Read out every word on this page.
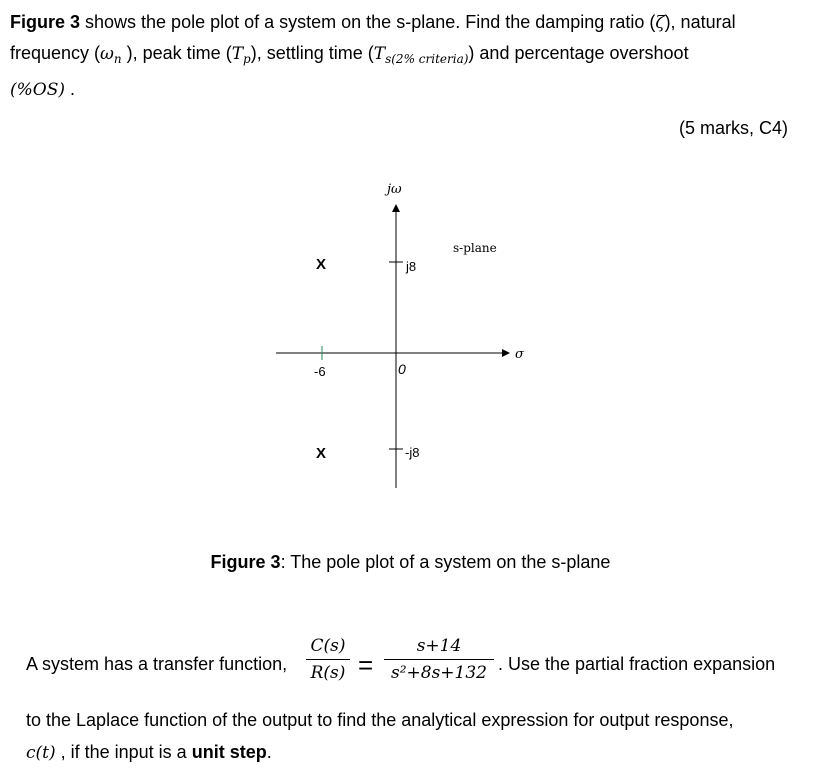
Figure 3 shows the pole plot of a system on the s-plane. Find the damping ratio (ζ), natural frequency ($\omega_n$ ), peak time $(T_p)$, settling time $(T_{s(2\% criteria)})$ and percentage overshoot
(%OS) .
(5 marks, C4)
jω
σ
s-plane
j8
-j8
-6	0
X
X
Figure 3: The pole plot of a system on the s-plane
A system has a transfer function, $\frac{C(s)}{R(s)} = \frac{s+14}{\text{s²+8s+132}}$ . Use the partial fraction expansion
to the Laplace function of the output to find the analytical expression for output response,
c(t) , if the input is a unit step.
